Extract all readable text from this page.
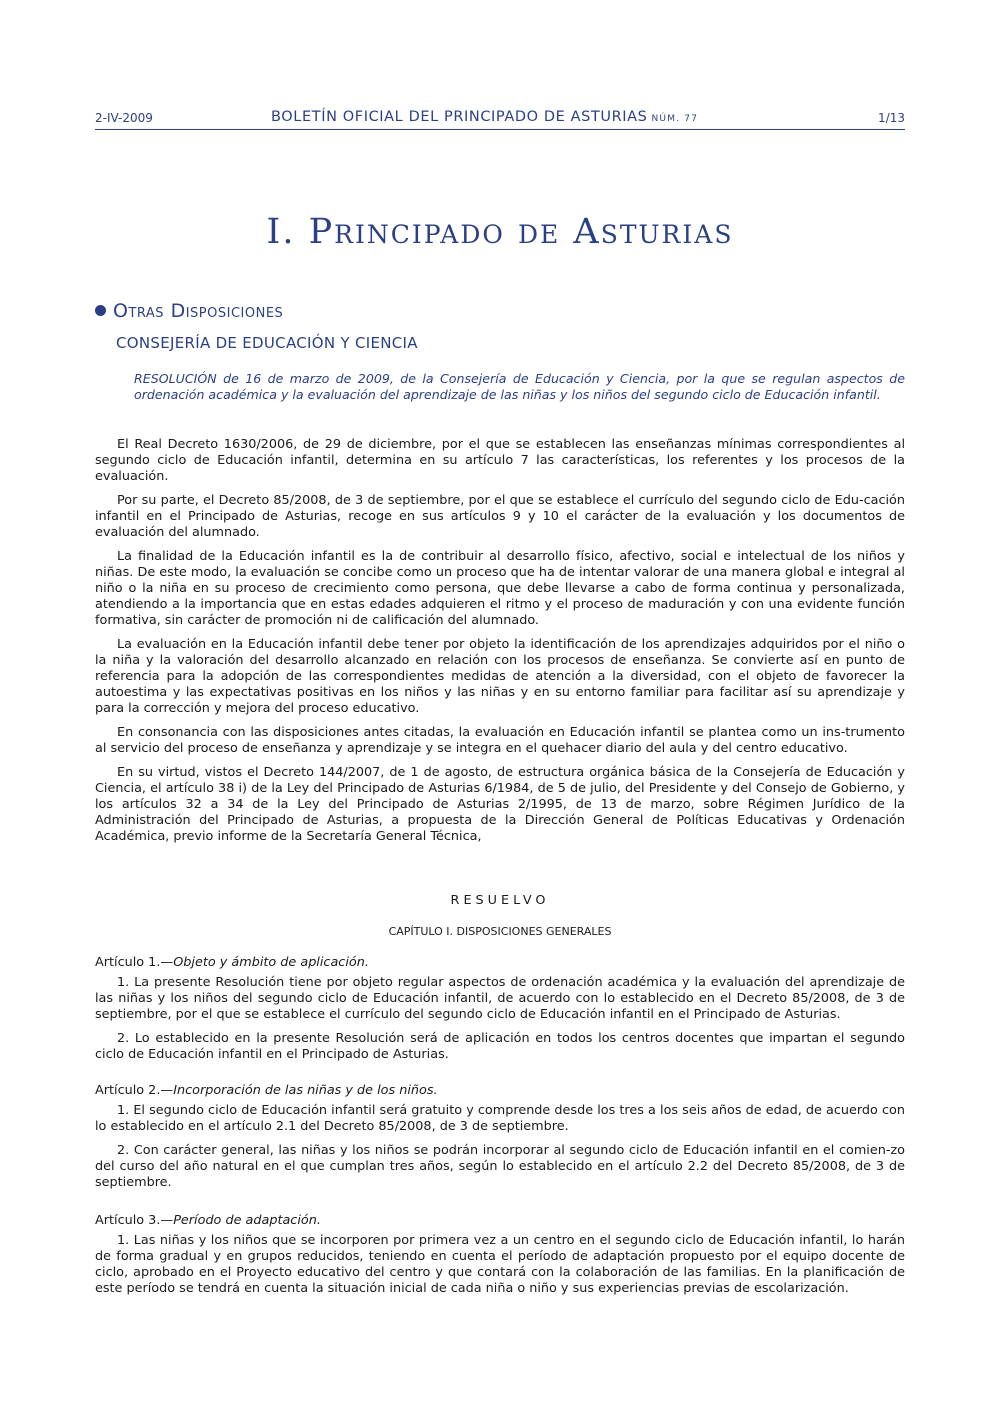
2-IV-2009	BOLETÍN OFICIAL DEL PRINCIPADO DE ASTURIAS NÚM. 77	1/13
I. Principado de Asturias
Otras Disposiciones
CONSEJERÍA DE EDUCACIÓN Y CIENCIA
RESOLUCIÓN de 16 de marzo de 2009, de la Consejería de Educación y Ciencia, por la que se regulan aspectos de ordenación académica y la evaluación del aprendizaje de las niñas y los niños del segundo ciclo de Educación infantil.

El Real Decreto 1630/2006, de 29 de diciembre, por el que se establecen las enseñanzas mínimas correspondientes al segundo ciclo de Educación infantil, determina en su artículo 7 las características, los referentes y los procesos de la evaluación.

Por su parte, el Decreto 85/2008, de 3 de septiembre, por el que se establece el currículo del segundo ciclo de Edu-cación infantil en el Principado de Asturias, recoge en sus artículos 9 y 10 el carácter de la evaluación y los documentos de evaluación del alumnado.

La finalidad de la Educación infantil es la de contribuir al desarrollo físico, afectivo, social e intelectual de los niños y niñas. De este modo, la evaluación se concibe como un proceso que ha de intentar valorar de una manera global e integral al niño o la niña en su proceso de crecimiento como persona, que debe llevarse a cabo de forma continua y personalizada, atendiendo a la importancia que en estas edades adquieren el ritmo y el proceso de maduración y con una evidente función formativa, sin carácter de promoción ni de calificación del alumnado.

La evaluación en la Educación infantil debe tener por objeto la identificación de los aprendizajes adquiridos por el niño o la niña y la valoración del desarrollo alcanzado en relación con los procesos de enseñanza. Se convierte así en punto de referencia para la adopción de las correspondientes medidas de atención a la diversidad, con el objeto de favorecer la autoestima y las expectativas positivas en los niños y las niñas y en su entorno familiar para facilitar así su aprendizaje y para la corrección y mejora del proceso educativo.

En consonancia con las disposiciones antes citadas, la evaluación en Educación infantil se plantea como un ins-trumento al servicio del proceso de enseñanza y aprendizaje y se integra en el quehacer diario del aula y del centro educativo.

En su virtud, vistos el Decreto 144/2007, de 1 de agosto, de estructura orgánica básica de la Consejería de Educación y Ciencia, el artículo 38 i) de la Ley del Principado de Asturias 6/1984, de 5 de julio, del Presidente y del Consejo de Gobierno, y los artículos 32 a 34 de la Ley del Principado de Asturias 2/1995, de 13 de marzo, sobre Régimen Jurídico de la Administración del Principado de Asturias, a propuesta de la Dirección General de Políticas Educativas y Ordenación Académica, previo informe de la Secretaría General Técnica,

RESUELVO
CAPÍTULO I. DISPOSICIONES GENERALES
Artículo 1.—Objeto y ámbito de aplicación.

1. La presente Resolución tiene por objeto regular aspectos de ordenación académica y la evaluación del aprendizaje de las niñas y los niños del segundo ciclo de Educación infantil, de acuerdo con lo establecido en el Decreto 85/2008, de 3 de septiembre, por el que se establece el currículo del segundo ciclo de Educación infantil en el Principado de Asturias.

2. Lo establecido en la presente Resolución será de aplicación en todos los centros docentes que impartan el segundo ciclo de Educación infantil en el Principado de Asturias.

Artículo 2.—Incorporación de las niñas y de los niños.

1. El segundo ciclo de Educación infantil será gratuito y comprende desde los tres a los seis años de edad, de acuerdo con lo establecido en el artículo 2.1 del Decreto 85/2008, de 3 de septiembre.

2. Con carácter general, las niñas y los niños se podrán incorporar al segundo ciclo de Educación infantil en el comien-zo del curso del año natural en el que cumplan tres años, según lo establecido en el artículo 2.2 del Decreto 85/2008, de 3 de septiembre.

Artículo 3.—Período de adaptación.

1. Las niñas y los niños que se incorporen por primera vez a un centro en el segundo ciclo de Educación infantil, lo harán de forma gradual y en grupos reducidos, teniendo en cuenta el período de adaptación propuesto por el equipo docente de ciclo, aprobado en el Proyecto educativo del centro y que contará con la colaboración de las familias. En la planificación de este período se tendrá en cuenta la situación inicial de cada niña o niño y sus experiencias previas de escolarización.
